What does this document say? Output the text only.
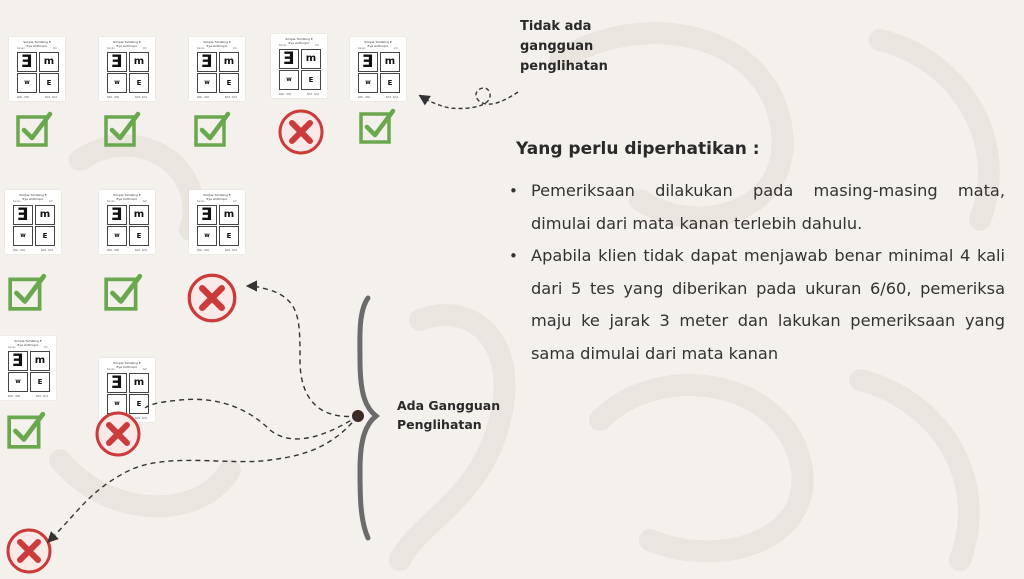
Simple Tumbling E
Eye Anthropic
Kanan	Kiri
E	m
w	E
6/60 - 3/60	6/18 - 6/12
Simple Tumbling E
Eye Anthropic
Kanan	Kiri
E	m
w	E
6/60 - 3/60	6/18 - 6/12
Simple Tumbling E
Eye Anthropic
Kanan	Kiri
E	m
w	E
6/60 - 3/60	6/18 - 6/12
Simple Tumbling E
Eye Anthropic
Kanan	Kiri
E	m
w	E
6/60 - 3/60	6/18 - 6/12
Simple Tumbling E
Eye Anthropic
Kanan	Kiri
E	m
w	E
6/60 - 3/60	6/18 - 6/12
Simple Tumbling E
Eye Anthropic
Kanan	Kiri
E	m
w	E
6/60 - 3/60	6/18 - 6/12
Simple Tumbling E
Eye Anthropic
Kanan	Kiri
E	m
w	E
6/60 - 3/60	6/18 - 6/12
Simple Tumbling E
Eye Anthropic
Kanan	Kiri
E	m
w	E
6/60 - 3/60	6/18 - 6/12
Simple Tumbling E
Eye Anthropic
Kanan	Kiri
E	m
w	E
6/60 - 3/60	6/18 - 6/12
Simple Tumbling E
Eye Anthropic
Kanan	Kiri
E	m
w	E
6/18 - 6/12
Tidak ada
gangguan
penglihatan
Yang perlu diperhatikan :
• Pemeriksaan dilakukan pada masing-masing mata, dimulai dari mata kanan terlebih dahulu.
• Apabila klien tidak dapat menjawab benar minimal 4 kali dari 5 tes yang diberikan pada ukuran 6/60, pemeriksa maju ke jarak 3 meter dan lakukan pemeriksaan yang sama dimulai dari mata kanan
Ada Gangguan
Penglihatan
